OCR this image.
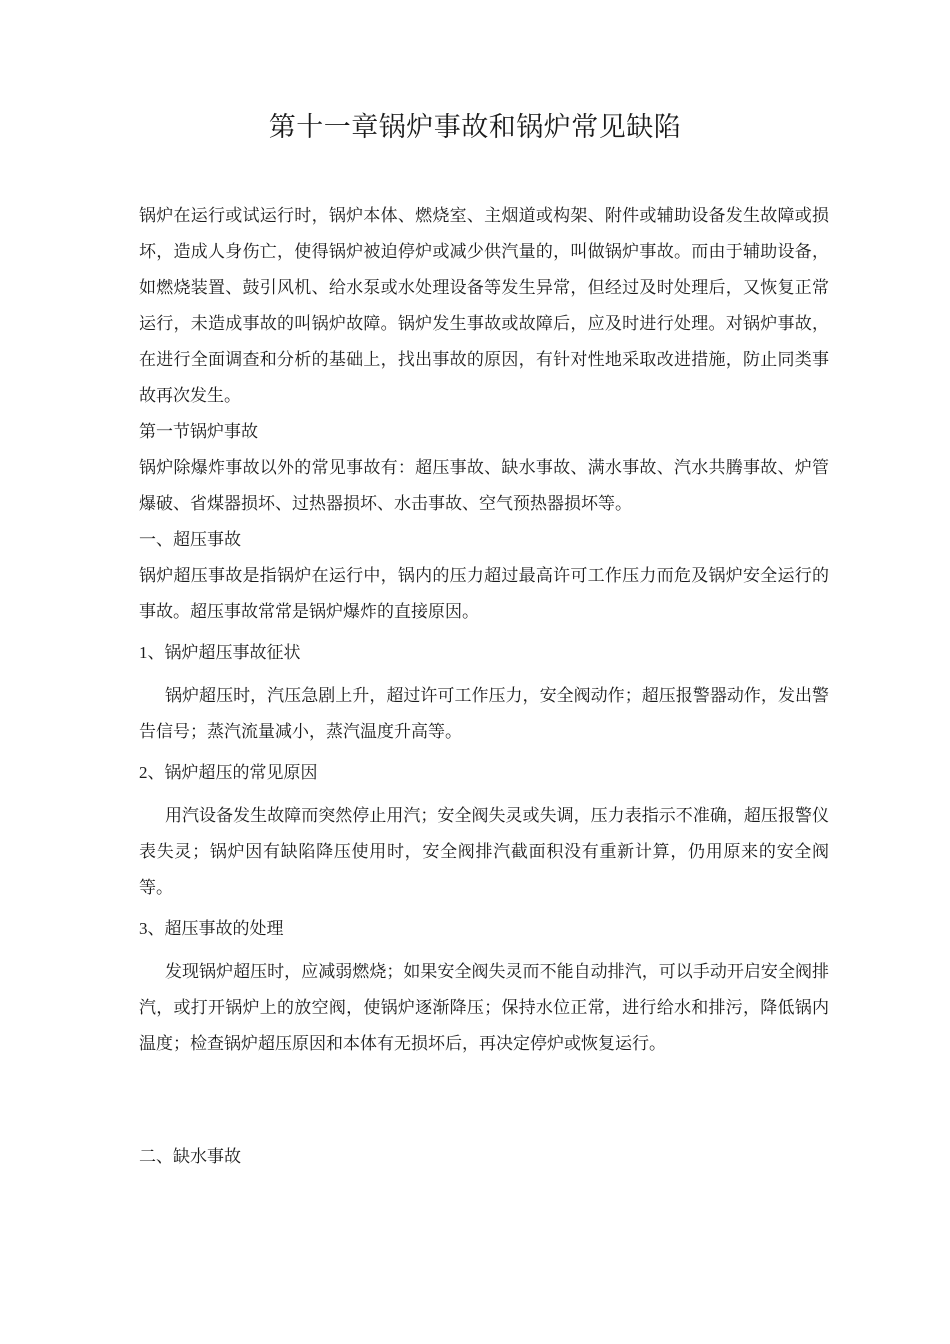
第十一章锅炉事故和锅炉常见缺陷

锅炉在运行或试运行时，锅炉本体、燃烧室、主烟道或构架、附件或辅助设备发生故障或损坏，造成人身伤亡，使得锅炉被迫停炉或减少供汽量的，叫做锅炉事故。而由于辅助设备，如燃烧装置、鼓引风机、给水泵或水处理设备等发生异常，但经过及时处理后，又恢复正常运行，未造成事故的叫锅炉故障。锅炉发生事故或故障后，应及时进行处理。对锅炉事故，在进行全面调查和分析的基础上，找出事故的原因，有针对性地采取改进措施，防止同类事故再次发生。

第一节锅炉事故

锅炉除爆炸事故以外的常见事故有：超压事故、缺水事故、满水事故、汽水共腾事故、炉管爆破、省煤器损坏、过热器损坏、水击事故、空气预热器损坏等。

一、超压事故

锅炉超压事故是指锅炉在运行中，锅内的压力超过最高许可工作压力而危及锅炉安全运行的事故。超压事故常常是锅炉爆炸的直接原因。

1、锅炉超压事故征状

锅炉超压时，汽压急剧上升，超过许可工作压力，安全阀动作；超压报警器动作，发出警告信号；蒸汽流量减小，蒸汽温度升高等。

2、锅炉超压的常见原因

用汽设备发生故障而突然停止用汽；安全阀失灵或失调，压力表指示不准确，超压报警仪表失灵；锅炉因有缺陷降压使用时，安全阀排汽截面积没有重新计算，仍用原来的安全阀等。

3、超压事故的处理

发现锅炉超压时，应减弱燃烧；如果安全阀失灵而不能自动排汽，可以手动开启安全阀排汽，或打开锅炉上的放空阀，使锅炉逐渐降压；保持水位正常，进行给水和排污，降低锅内温度；检查锅炉超压原因和本体有无损坏后，再决定停炉或恢复运行。

二、缺水事故
